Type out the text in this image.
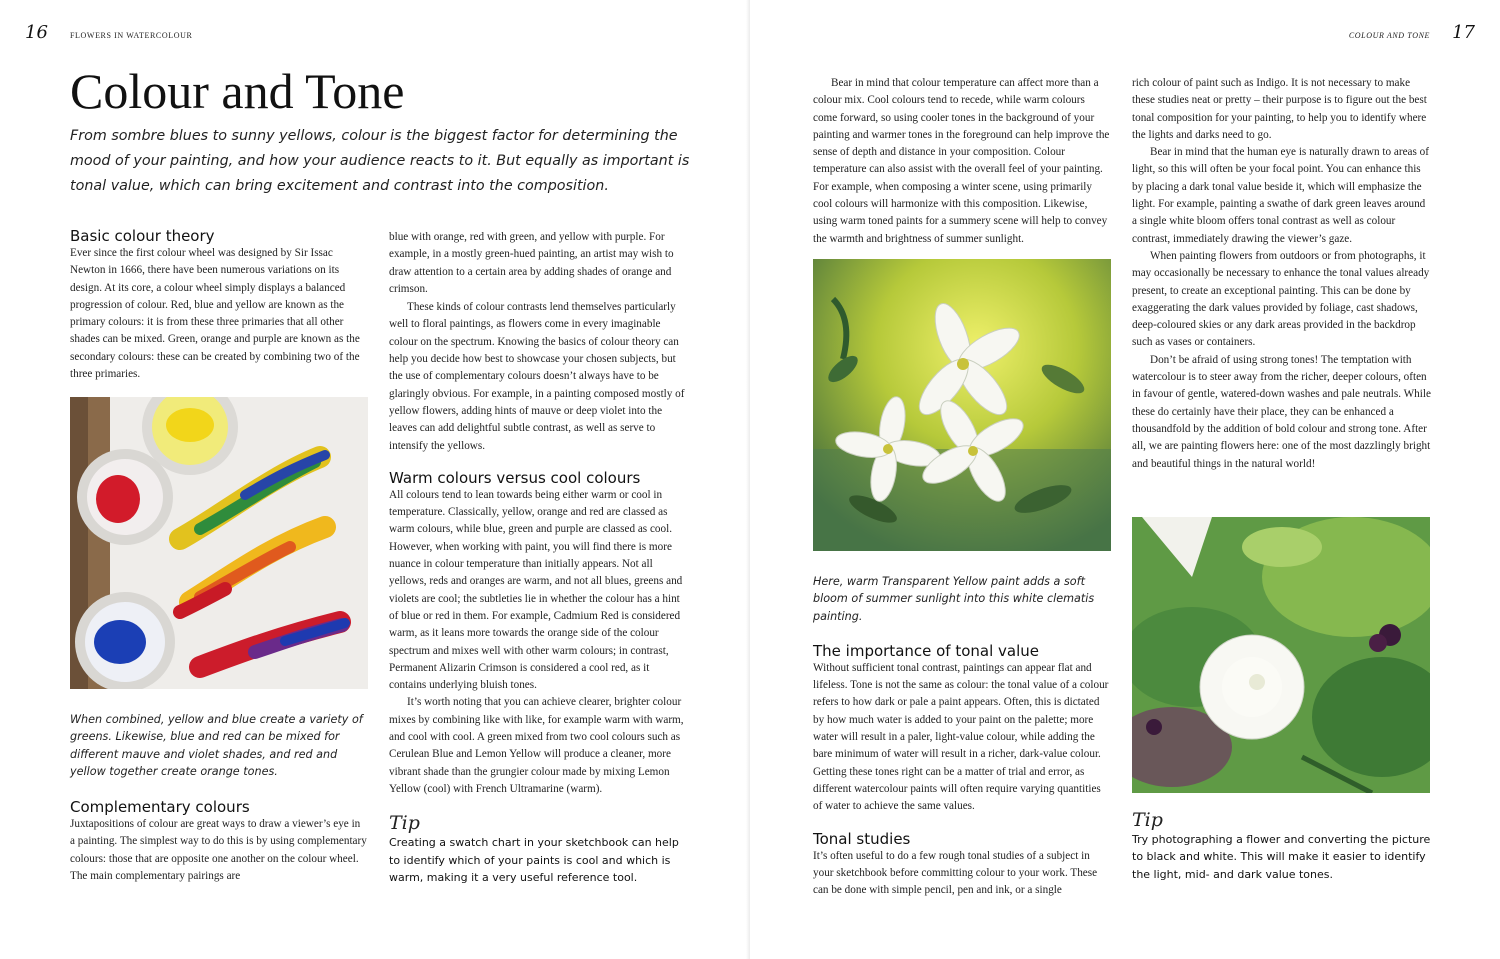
16	FLOWERS IN WATERCOLOUR
Colour and Tone

From sombre blues to sunny yellows, colour is the biggest factor for determining the mood of your painting, and how your audience reacts to it. But equally as important is tonal value, which can bring excitement and contrast into the composition.

Basic colour theory

Ever since the first colour wheel was designed by Sir Issac Newton in 1666, there have been numerous variations on its design. At its core, a colour wheel simply displays a balanced progression of colour. Red, blue and yellow are known as the primary colours: it is from these three primaries that all other shades can be mixed. Green, orange and purple are known as the secondary colours: these can be created by combining two of the three primaries.

When combined, yellow and blue create a variety of greens. Likewise, blue and red can be mixed for different mauve and violet shades, and red and yellow together create orange tones.

Complementary colours

Juxtapositions of colour are great ways to draw a viewer’s eye in a painting. The simplest way to do this is by using complementary colours: those that are opposite one another on the colour wheel. The main complementary pairings are

blue with orange, red with green, and yellow with purple. For example, in a mostly green-hued painting, an artist may wish to draw attention to a certain area by adding shades of orange and crimson.

These kinds of colour contrasts lend themselves particularly well to floral paintings, as flowers come in every imaginable colour on the spectrum. Knowing the basics of colour theory can help you decide how best to showcase your chosen subjects, but the use of complementary colours doesn’t always have to be glaringly obvious. For example, in a painting composed mostly of yellow flowers, adding hints of mauve or deep violet into the leaves can add delightful subtle contrast, as well as serve to intensify the yellows.

Warm colours versus cool colours

All colours tend to lean towards being either warm or cool in temperature. Classically, yellow, orange and red are classed as warm colours, while blue, green and purple are classed as cool. However, when working with paint, you will find there is more nuance in colour temperature than initially appears. Not all yellows, reds and oranges are warm, and not all blues, greens and violets are cool; the subtleties lie in whether the colour has a hint of blue or red in them. For example, Cadmium Red is considered warm, as it leans more towards the orange side of the colour spectrum and mixes well with other warm colours; in contrast, Permanent Alizarin Crimson is considered a cool red, as it contains underlying bluish tones.

It’s worth noting that you can achieve clearer, brighter colour mixes by combining like with like, for example warm with warm, and cool with cool. A green mixed from two cool colours such as Cerulean Blue and Lemon Yellow will produce a cleaner, more vibrant shade than the grungier colour made by mixing Lemon Yellow (cool) with French Ultramarine (warm).

Tip

Creating a swatch chart in your sketchbook can help to identify which of your paints is cool and which is warm, making it a very useful reference tool.

COLOUR AND TONE 17

Bear in mind that colour temperature can affect more than a colour mix. Cool colours tend to recede, while warm colours come forward, so using cooler tones in the background of your painting and warmer tones in the foreground can help improve the sense of depth and distance in your composition. Colour temperature can also assist with the overall feel of your painting. For example, when composing a winter scene, using primarily cool colours will harmonize with this composition. Likewise, using warm toned paints for a summery scene will help to convey the warmth and brightness of summer sunlight.

Here, warm Transparent Yellow paint adds a soft bloom of summer sunlight into this white clematis painting.

The importance of tonal value

Without sufficient tonal contrast, paintings can appear flat and lifeless. Tone is not the same as colour: the tonal value of a colour refers to how dark or pale a paint appears. Often, this is dictated by how much water is added to your paint on the palette; more water will result in a paler, light-value colour, while adding the bare minimum of water will result in a richer, dark-value colour. Getting these tones right can be a matter of trial and error, as different watercolour paints will often require varying quantities of water to achieve the same values.

Tonal studies

It’s often useful to do a few rough tonal studies of a subject in your sketchbook before committing colour to your work. These can be done with simple pencil, pen and ink, or a single

rich colour of paint such as Indigo. It is not necessary to make these studies neat or pretty – their purpose is to figure out the best tonal composition for your painting, to help you to identify where the lights and darks need to go.

Bear in mind that the human eye is naturally drawn to areas of light, so this will often be your focal point. You can enhance this by placing a dark tonal value beside it, which will emphasize the light. For example, painting a swathe of dark green leaves around a single white bloom offers tonal contrast as well as colour contrast, immediately drawing the viewer’s gaze.

When painting flowers from outdoors or from photographs, it may occasionally be necessary to enhance the tonal values already present, to create an exceptional painting. This can be done by exaggerating the dark values provided by foliage, cast shadows, deep-coloured skies or any dark areas provided in the backdrop such as vases or containers.

Don’t be afraid of using strong tones! The temptation with watercolour is to steer away from the richer, deeper colours, often in favour of gentle, watered-down washes and pale neutrals. While these do certainly have their place, they can be enhanced a thousandfold by the addition of bold colour and strong tone. After all, we are painting flowers here: one of the most dazzlingly bright and beautiful things in the natural world!

Tip

Try photographing a flower and converting the picture to black and white. This will make it easier to identify the light, mid- and dark value tones.
